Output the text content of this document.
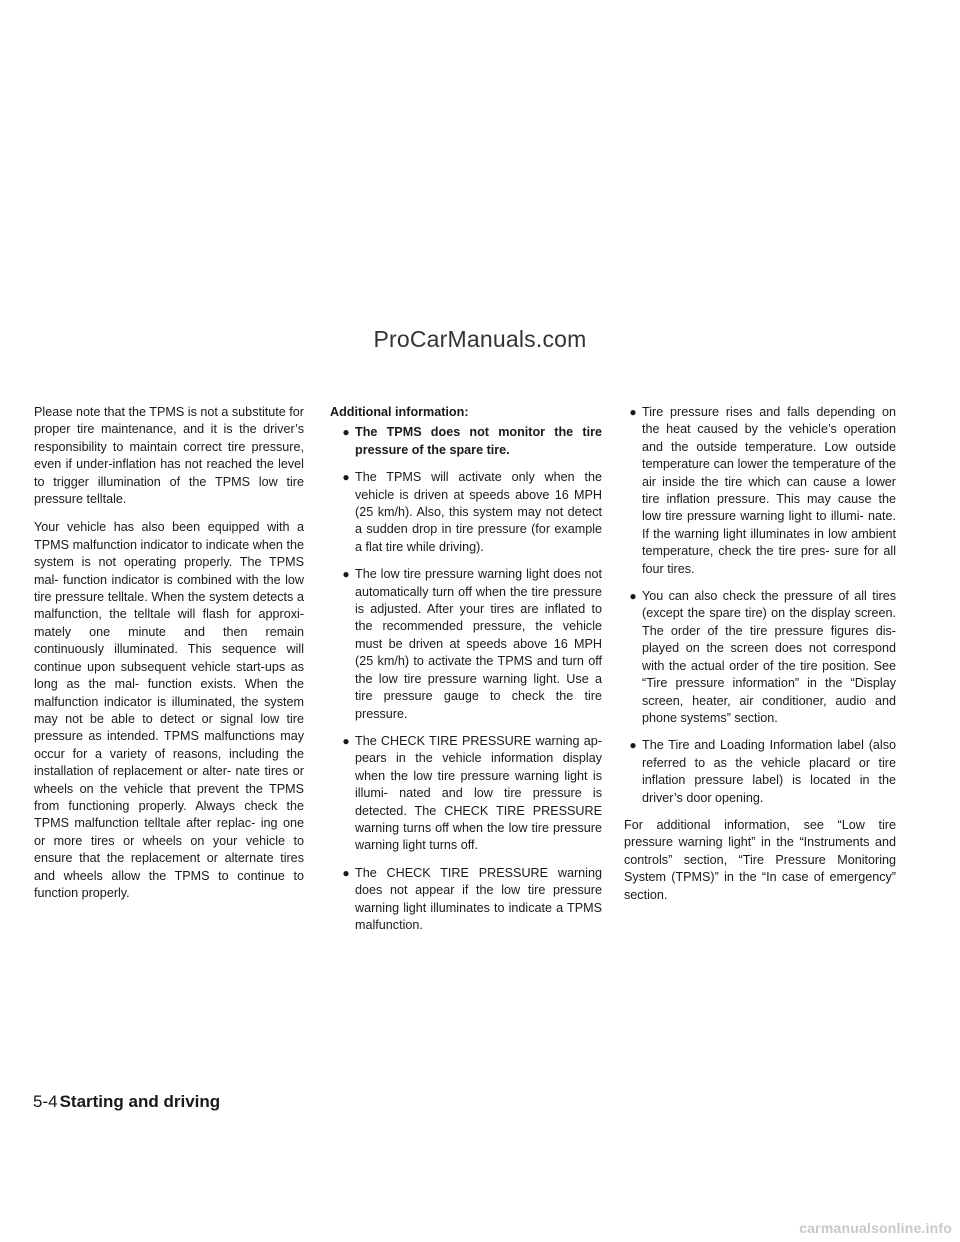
ProCarManuals.com

Please note that the TPMS is not a substitute for proper tire maintenance, and it is the driver’s responsibility to maintain correct tire pressure, even if under-inflation has not reached the level to trigger illumination of the TPMS low tire pressure telltale.

Your vehicle has also been equipped with a TPMS malfunction indicator to indicate when the system is not operating properly. The TPMS mal- function indicator is combined with the low tire pressure telltale. When the system detects a malfunction, the telltale will flash for approxi- mately one minute and then remain continuously illuminated. This sequence will continue upon subsequent vehicle start-ups as long as the mal- function exists. When the malfunction indicator is illuminated, the system may not be able to detect or signal low tire pressure as intended. TPMS malfunctions may occur for a variety of reasons, including the installation of replacement or alter- nate tires or wheels on the vehicle that prevent the TPMS from functioning properly. Always check the TPMS malfunction telltale after replac- ing one or more tires or wheels on your vehicle to ensure that the replacement or alternate tires and wheels allow the TPMS to continue to function properly.

Additional information:
● The TPMS does not monitor the tire pressure of the spare tire.
● The TPMS will activate only when the vehicle is driven at speeds above 16 MPH (25 km/h). Also, this system may not detect a sudden drop in tire pressure (for example a flat tire while driving).
● The low tire pressure warning light does not automatically turn off when the tire pressure is adjusted. After your tires are inflated to the recommended pressure, the vehicle must be driven at speeds above 16 MPH (25 km/h) to activate the TPMS and turn off the low tire pressure warning light. Use a tire pressure gauge to check the tire pressure.
● The CHECK TIRE PRESSURE warning ap- pears in the vehicle information display when the low tire pressure warning light is illumi- nated and low tire pressure is detected. The CHECK TIRE PRESSURE warning turns off when the low tire pressure warning light turns off.
● The CHECK TIRE PRESSURE warning does not appear if the low tire pressure warning light illuminates to indicate a TPMS malfunction.
● Tire pressure rises and falls depending on the heat caused by the vehicle’s operation and the outside temperature. Low outside temperature can lower the temperature of the air inside the tire which can cause a lower tire inflation pressure. This may cause the low tire pressure warning light to illumi- nate. If the warning light illuminates in low ambient temperature, check the tire pres- sure for all four tires.
● You can also check the pressure of all tires (except the spare tire) on the display screen. The order of the tire pressure figures dis- played on the screen does not correspond with the actual order of the tire position. See “Tire pressure information” in the “Display screen, heater, air conditioner, audio and phone systems” section.
● The Tire and Loading Information label (also referred to as the vehicle placard or tire inflation pressure label) is located in the driver’s door opening.

For additional information, see “Low tire pressure warning light” in the “Instruments and controls” section, “Tire Pressure Monitoring System (TPMS)” in the “In case of emergency” section.

5-4 Starting and driving
carmanualsonline.info
